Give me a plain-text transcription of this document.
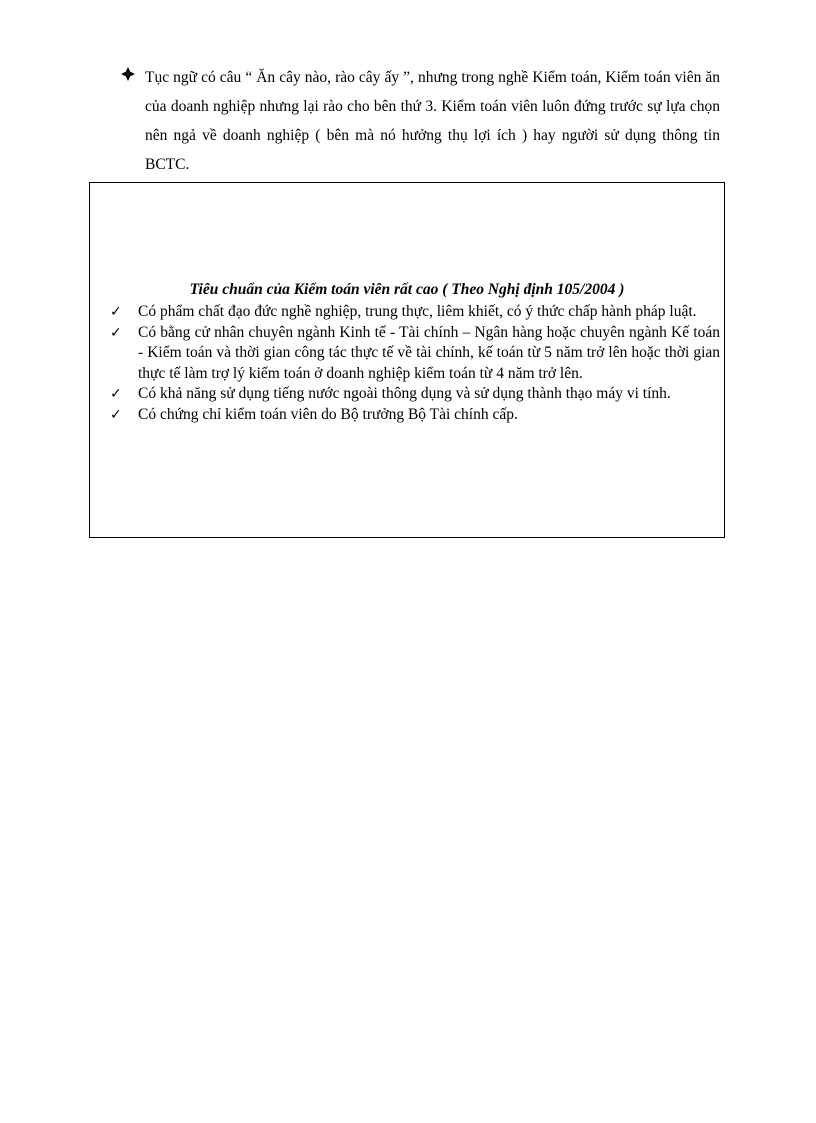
Tục ngữ có câu “ Ăn cây nào, rào cây ấy ”, nhưng trong nghề Kiểm toán, Kiểm toán viên ăn của doanh nghiệp nhưng lại rào cho bên thứ 3. Kiểm toán viên luôn đứng trước sự lựa chọn nên ngả về doanh nghiệp ( bên mà nó hưởng thụ lợi ích ) hay người sử dụng thông tin BCTC.
Tiêu chuẩn của Kiểm toán viên rất cao ( Theo Nghị định 105/2004 )
✓ Có phẩm chất đạo đức nghề nghiệp, trung thực, liêm khiết, có ý thức chấp hành pháp luật.
✓ Có bằng cử nhân chuyên ngành Kinh tế - Tài chính – Ngân hàng hoặc chuyên ngành Kế toán - Kiểm toán và thời gian công tác thực tế về tài chính, kế toán từ 5 năm trở lên hoặc thời gian thực tế làm trợ lý kiểm toán ở doanh nghiệp kiểm toán từ 4 năm trở lên.
✓ Có khả năng sử dụng tiếng nước ngoài thông dụng và sử dụng thành thạo máy vi tính.
✓ Có chứng chỉ kiểm toán viên do Bộ trưởng Bộ Tài chính cấp.
